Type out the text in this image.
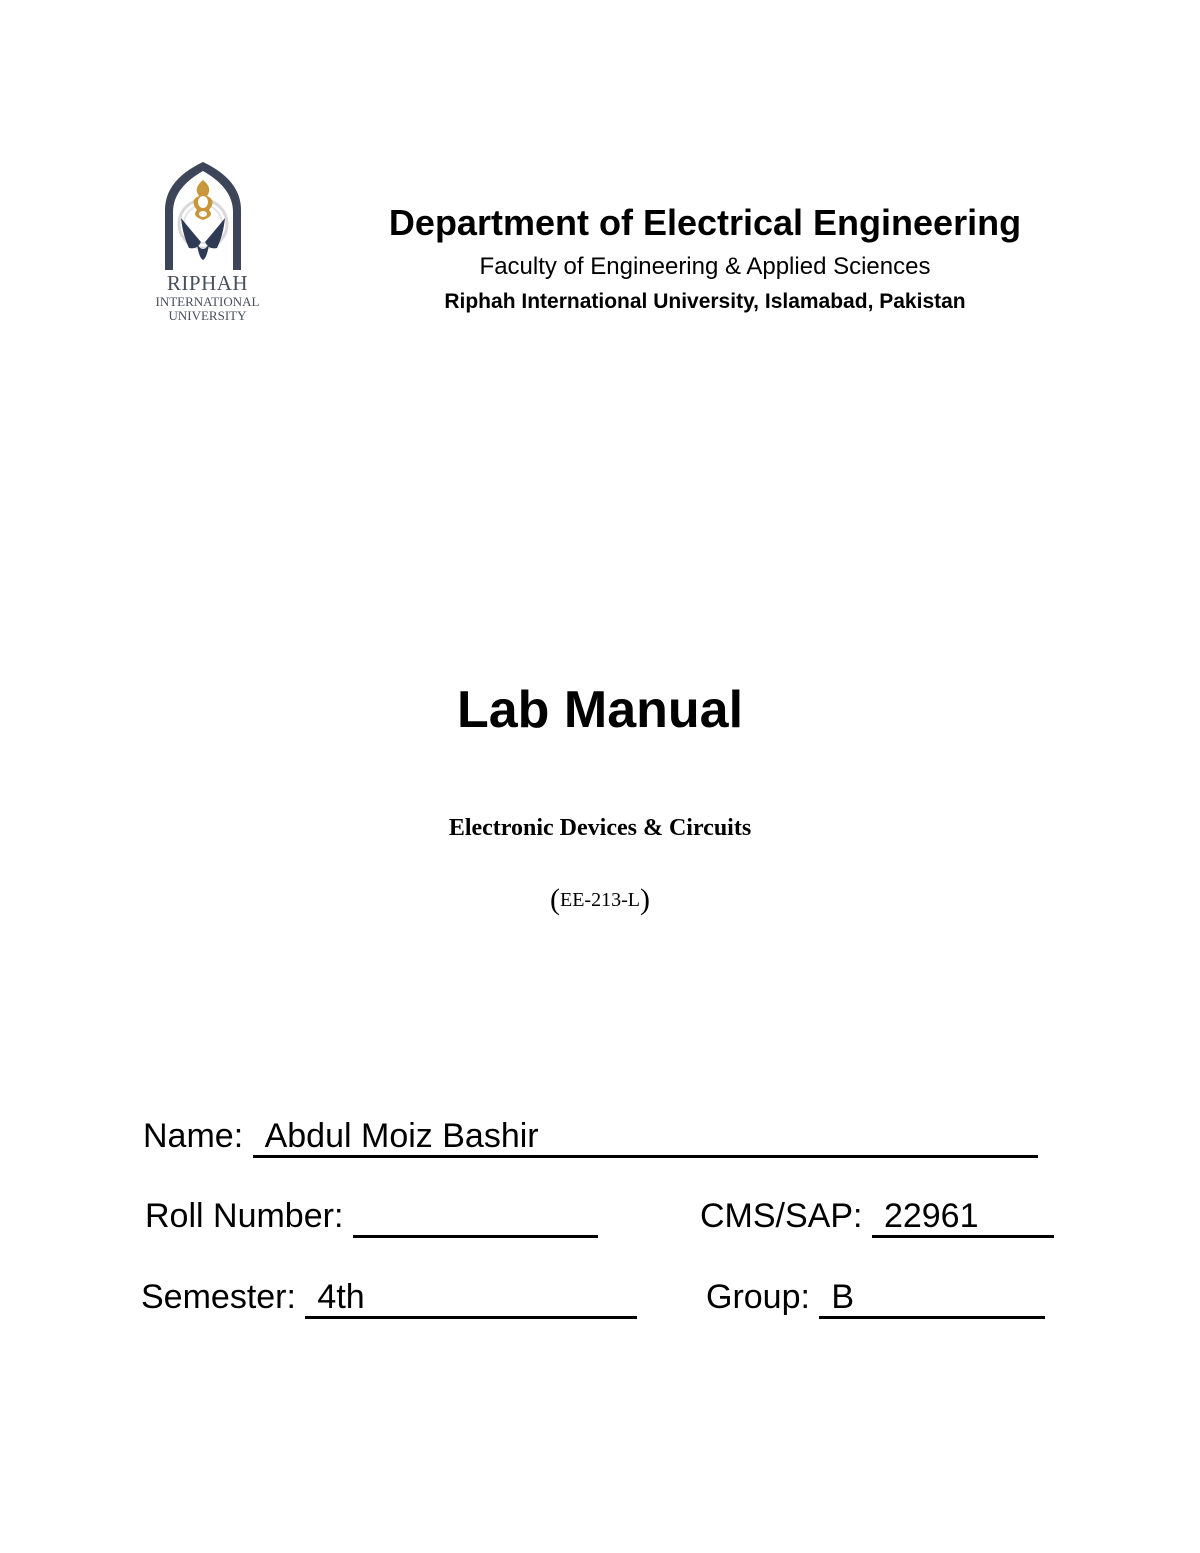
RIPHAH
INTERNATIONAL
UNIVERSITY
Department of Electrical Engineering
Faculty of Engineering & Applied Sciences
Riphah International University, Islamabad, Pakistan
Lab Manual
Electronic Devices & Circuits
(EE-213-L)
Name: Abdul Moiz Bashir
Roll Number:	CMS/SAP: 22961
Semester: 4th	Group: B
